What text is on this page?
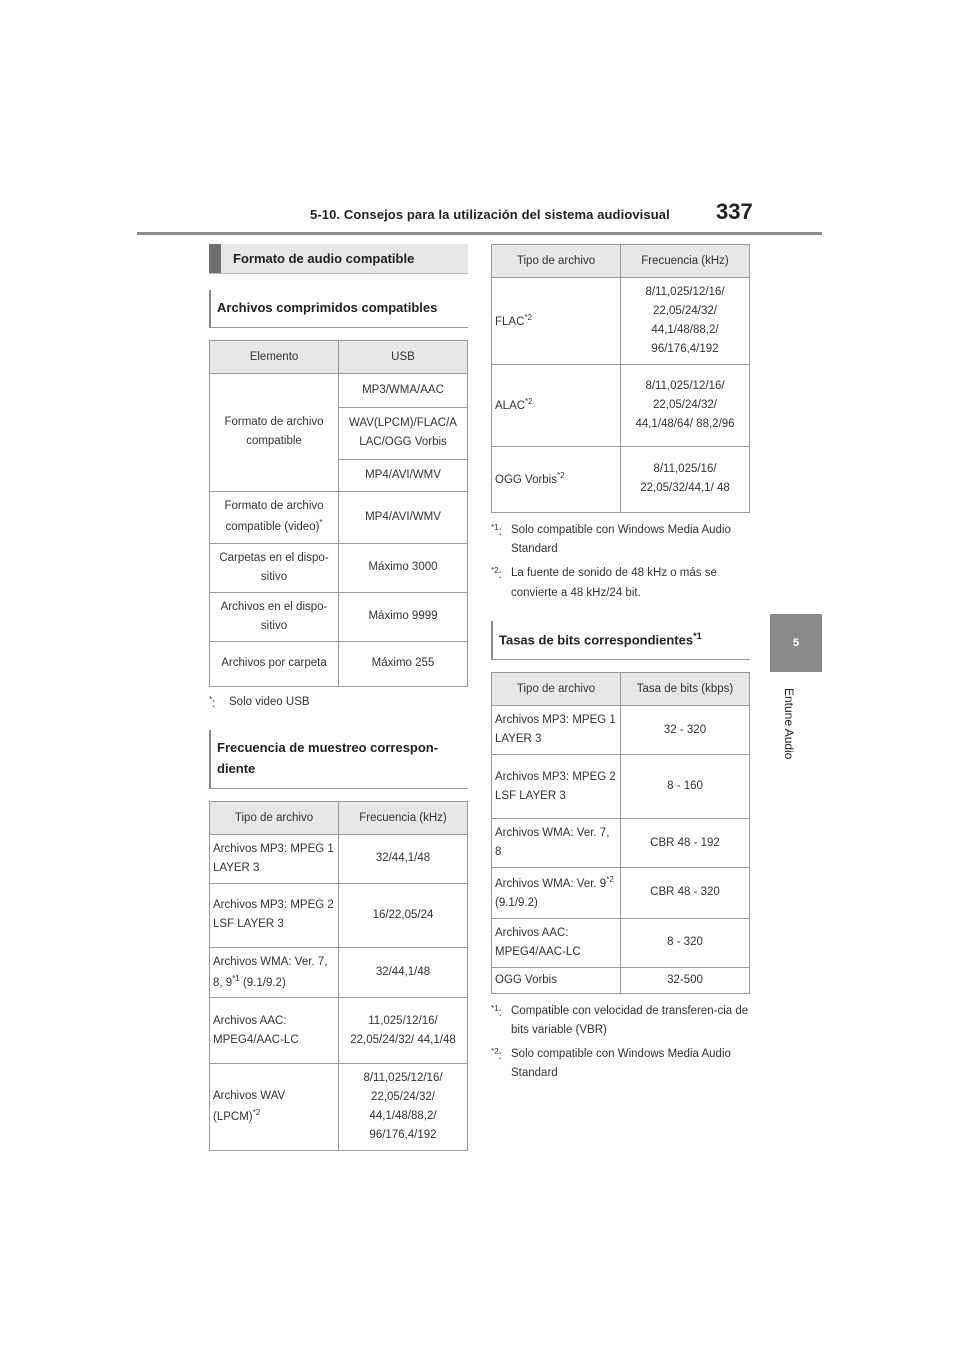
5-10. Consejos para la utilización del sistema audiovisual 337
5
Entune Audio
Formato de audio compatible
Archivos comprimidos compatibles
Elemento	USB
Formato de archivo compatible	MP3/WMA/AAC
	WAV(LPCM)/FLAC/A LAC/OGG Vorbis
	MP4/AVI/WMV
Formato de archivo compatible (video)*	MP4/AVI/WMV
Carpetas en el dispo-sitivo	Máximo 3000
Archivos en el dispo-sitivo	Máximo 9999
Archivos por carpeta	Máximo 255
*:	Solo video USB
Frecuencia de muestreo correspon-diente
Tipo de archivo	Frecuencia (kHz)
Archivos MP3: MPEG 1 LAYER 3	32/44,1/48
Archivos MP3: MPEG 2 LSF LAYER 3	16/22,05/24
Archivos WMA: Ver. 7, 8, 9$^{*1}$ (9.1/9.2)	32/44,1/48
Archivos AAC: MPEG4/AAC-LC	11,025/12/16/ 22,05/24/32/ 44,1/48
Archivos WAV (LPCM)$^{*2}$	8/11,025/12/16/ 22,05/24/32/ 44,1/48/88,2/ 96/176,4/192
Tipo de archivo	Frecuencia (kHz)
FLAC$^{*2}$	8/11,025/12/16/ 22,05/24/32/ 44,1/48/88,2/ 96/176,4/192
ALAC$^{*2}$	8/11,025/12/16/ 22,05/24/32/ 44,1/48/64/ 88,2/96
OGG Vorbis$^{*2}$	8/11,025/16/ 22,05/32/44,1/ 48
$^{*1}$: Solo compatible con Windows Media Audio Standard
$^{*2}$: La fuente de sonido de 48 kHz o más se convierte a 48 kHz/24 bit.
Tasas de bits correspondientes$^{*1}$
Tipo de archivo	Tasa de bits (kbps)
Archivos MP3: MPEG 1 LAYER 3	32 - 320
Archivos MP3: MPEG 2 LSF LAYER 3	8 - 160
Archivos WMA: Ver. 7, 8	CBR 48 - 192
Archivos WMA: Ver. 9$^{*2}$ (9.1/9.2)	CBR 48 - 320
Archivos AAC: MPEG4/AAC-LC	8 - 320
OGG Vorbis	32-500
$^{*1}$: Compatible con velocidad de transferen-cia de bits variable (VBR)
$^{*2}$: Solo compatible con Windows Media Audio Standard
